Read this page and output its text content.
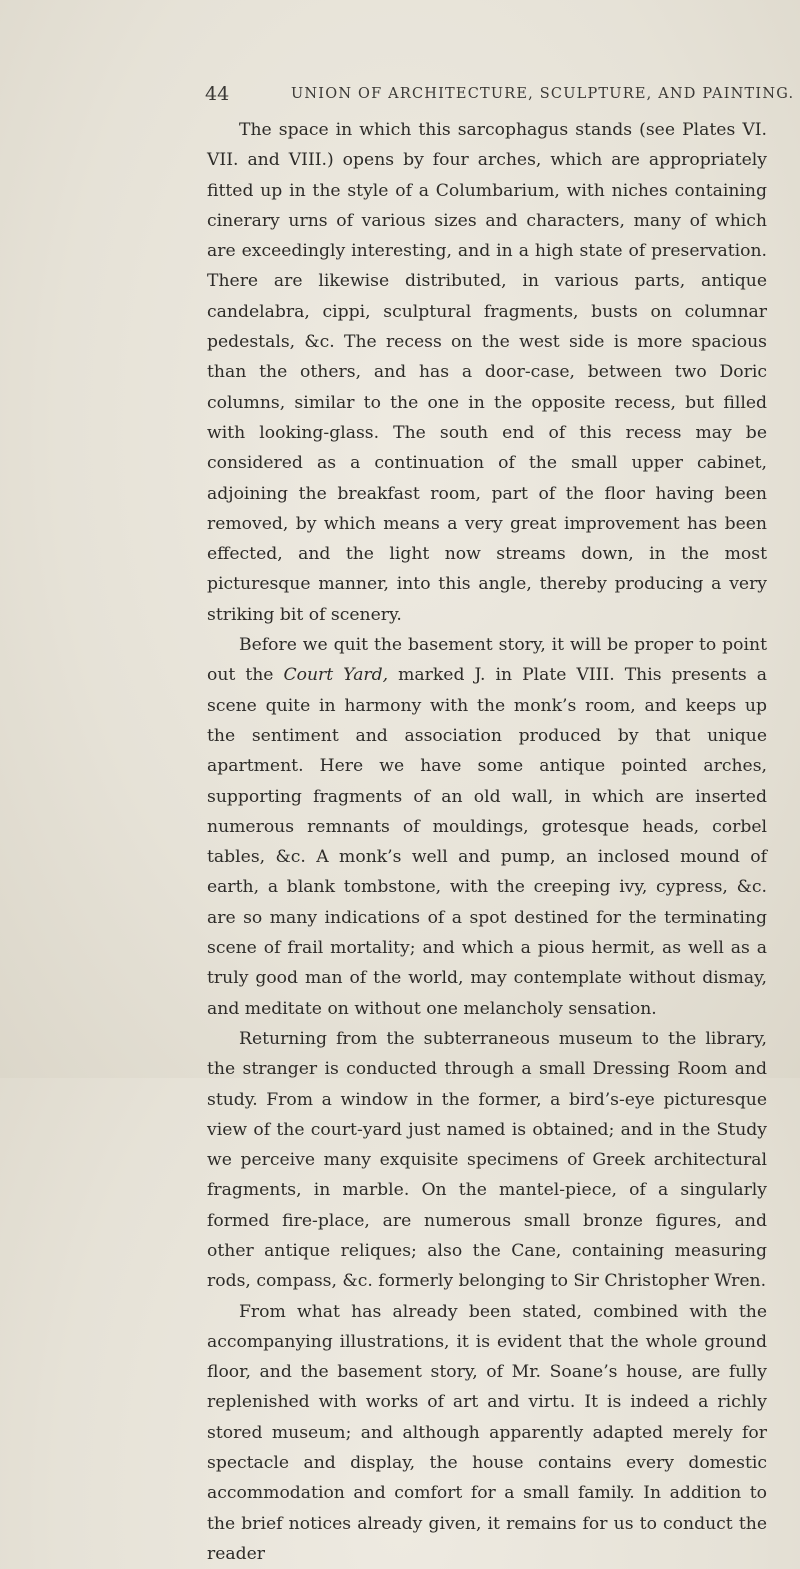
44	UNION OF ARCHITECTURE, SCULPTURE, AND PAINTING.

The space in which this sarcophagus stands (see Plates VI. VII. and VIII.) opens by four arches, which are appropriately fitted up in the style of a Columbarium, with niches containing cinerary urns of various sizes and characters, many of which are exceedingly interesting, and in a high state of preservation. There are likewise distributed, in various parts, antique candelabra, cippi, sculptural fragments, busts on columnar pedestals, &c. The recess on the west side is more spacious than the others, and has a door-case, between two Doric columns, similar to the one in the opposite recess, but filled with looking-glass. The south end of this recess may be considered as a continuation of the small upper cabinet, adjoining the breakfast room, part of the floor having been removed, by which means a very great improvement has been effected, and the light now streams down, in the most picturesque manner, into this angle, thereby producing a very striking bit of scenery.

Before we quit the basement story, it will be proper to point out the Court Yard, marked J. in Plate VIII. This presents a scene quite in harmony with the monk’s room, and keeps up the sentiment and association produced by that unique apartment. Here we have some antique pointed arches, supporting fragments of an old wall, in which are inserted numerous remnants of mouldings, grotesque heads, corbel tables, &c. A monk’s well and pump, an inclosed mound of earth, a blank tombstone, with the creeping ivy, cypress, &c. are so many indications of a spot destined for the terminating scene of frail mortality; and which a pious hermit, as well as a truly good man of the world, may contemplate without dismay, and meditate on without one melancholy sensation.

Returning from the subterraneous museum to the library, the stranger is conducted through a small Dressing Room and study. From a window in the former, a bird’s-eye picturesque view of the court-yard just named is obtained; and in the Study we perceive many exquisite specimens of Greek architectural fragments, in marble. On the mantel-piece, of a singularly formed fire-place, are numerous small bronze figures, and other antique reliques; also the Cane, containing measuring rods, compass, &c. formerly belonging to Sir Christopher Wren.

From what has already been stated, combined with the accompanying illustrations, it is evident that the whole ground floor, and the basement story, of Mr. Soane’s house, are fully replenished with works of art and virtu. It is indeed a richly stored museum; and although apparently adapted merely for spectacle and display, the house contains every domestic accommodation and comfort for a small family. In addition to the brief notices already given, it remains for us to conduct the reader
